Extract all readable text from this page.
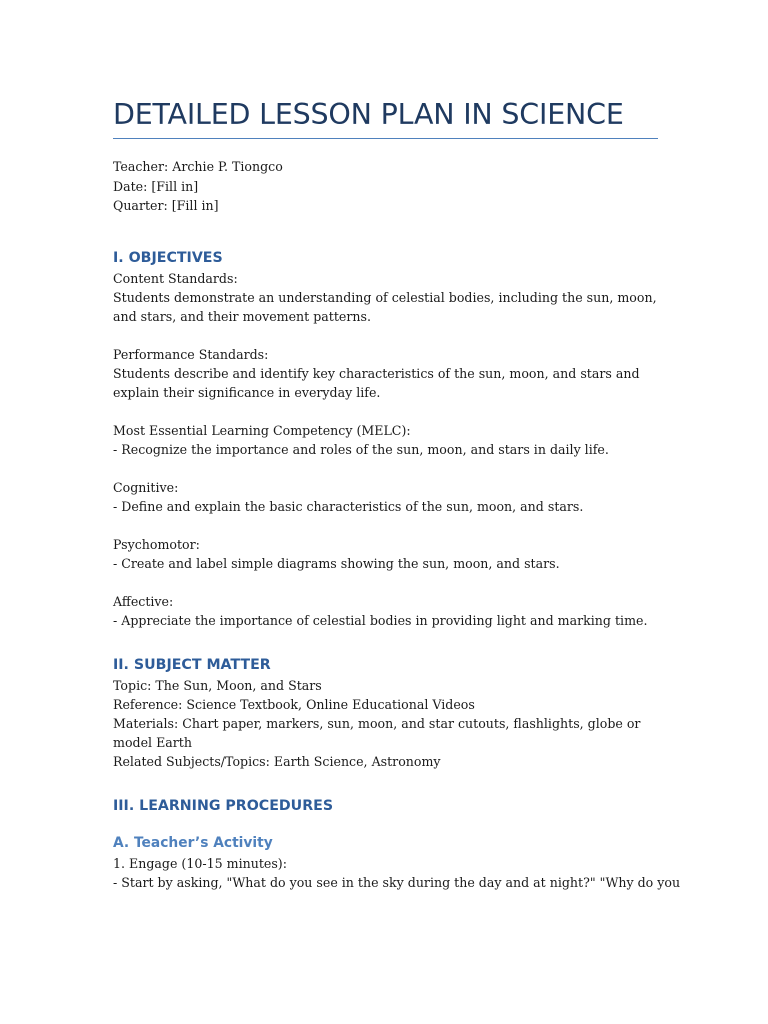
DETAILED LESSON PLAN IN SCIENCE
Teacher: Archie P. Tiongco
Date: [Fill in]
Quarter: [Fill in]
I. OBJECTIVES
Content Standards:
Students demonstrate an understanding of celestial bodies, including the sun, moon, and stars, and their movement patterns.
Performance Standards:
Students describe and identify key characteristics of the sun, moon, and stars and explain their significance in everyday life.
Most Essential Learning Competency (MELC):
- Recognize the importance and roles of the sun, moon, and stars in daily life.
Cognitive:
- Define and explain the basic characteristics of the sun, moon, and stars.
Psychomotor:
- Create and label simple diagrams showing the sun, moon, and stars.
Affective:
- Appreciate the importance of celestial bodies in providing light and marking time.
II. SUBJECT MATTER
Topic: The Sun, Moon, and Stars
Reference: Science Textbook, Online Educational Videos
Materials: Chart paper, markers, sun, moon, and star cutouts, flashlights, globe or model Earth
Related Subjects/Topics: Earth Science, Astronomy
III. LEARNING PROCEDURES
A. Teacher’s Activity
1. Engage (10-15 minutes):
- Start by asking, "What do you see in the sky during the day and at night?" "Why do you
